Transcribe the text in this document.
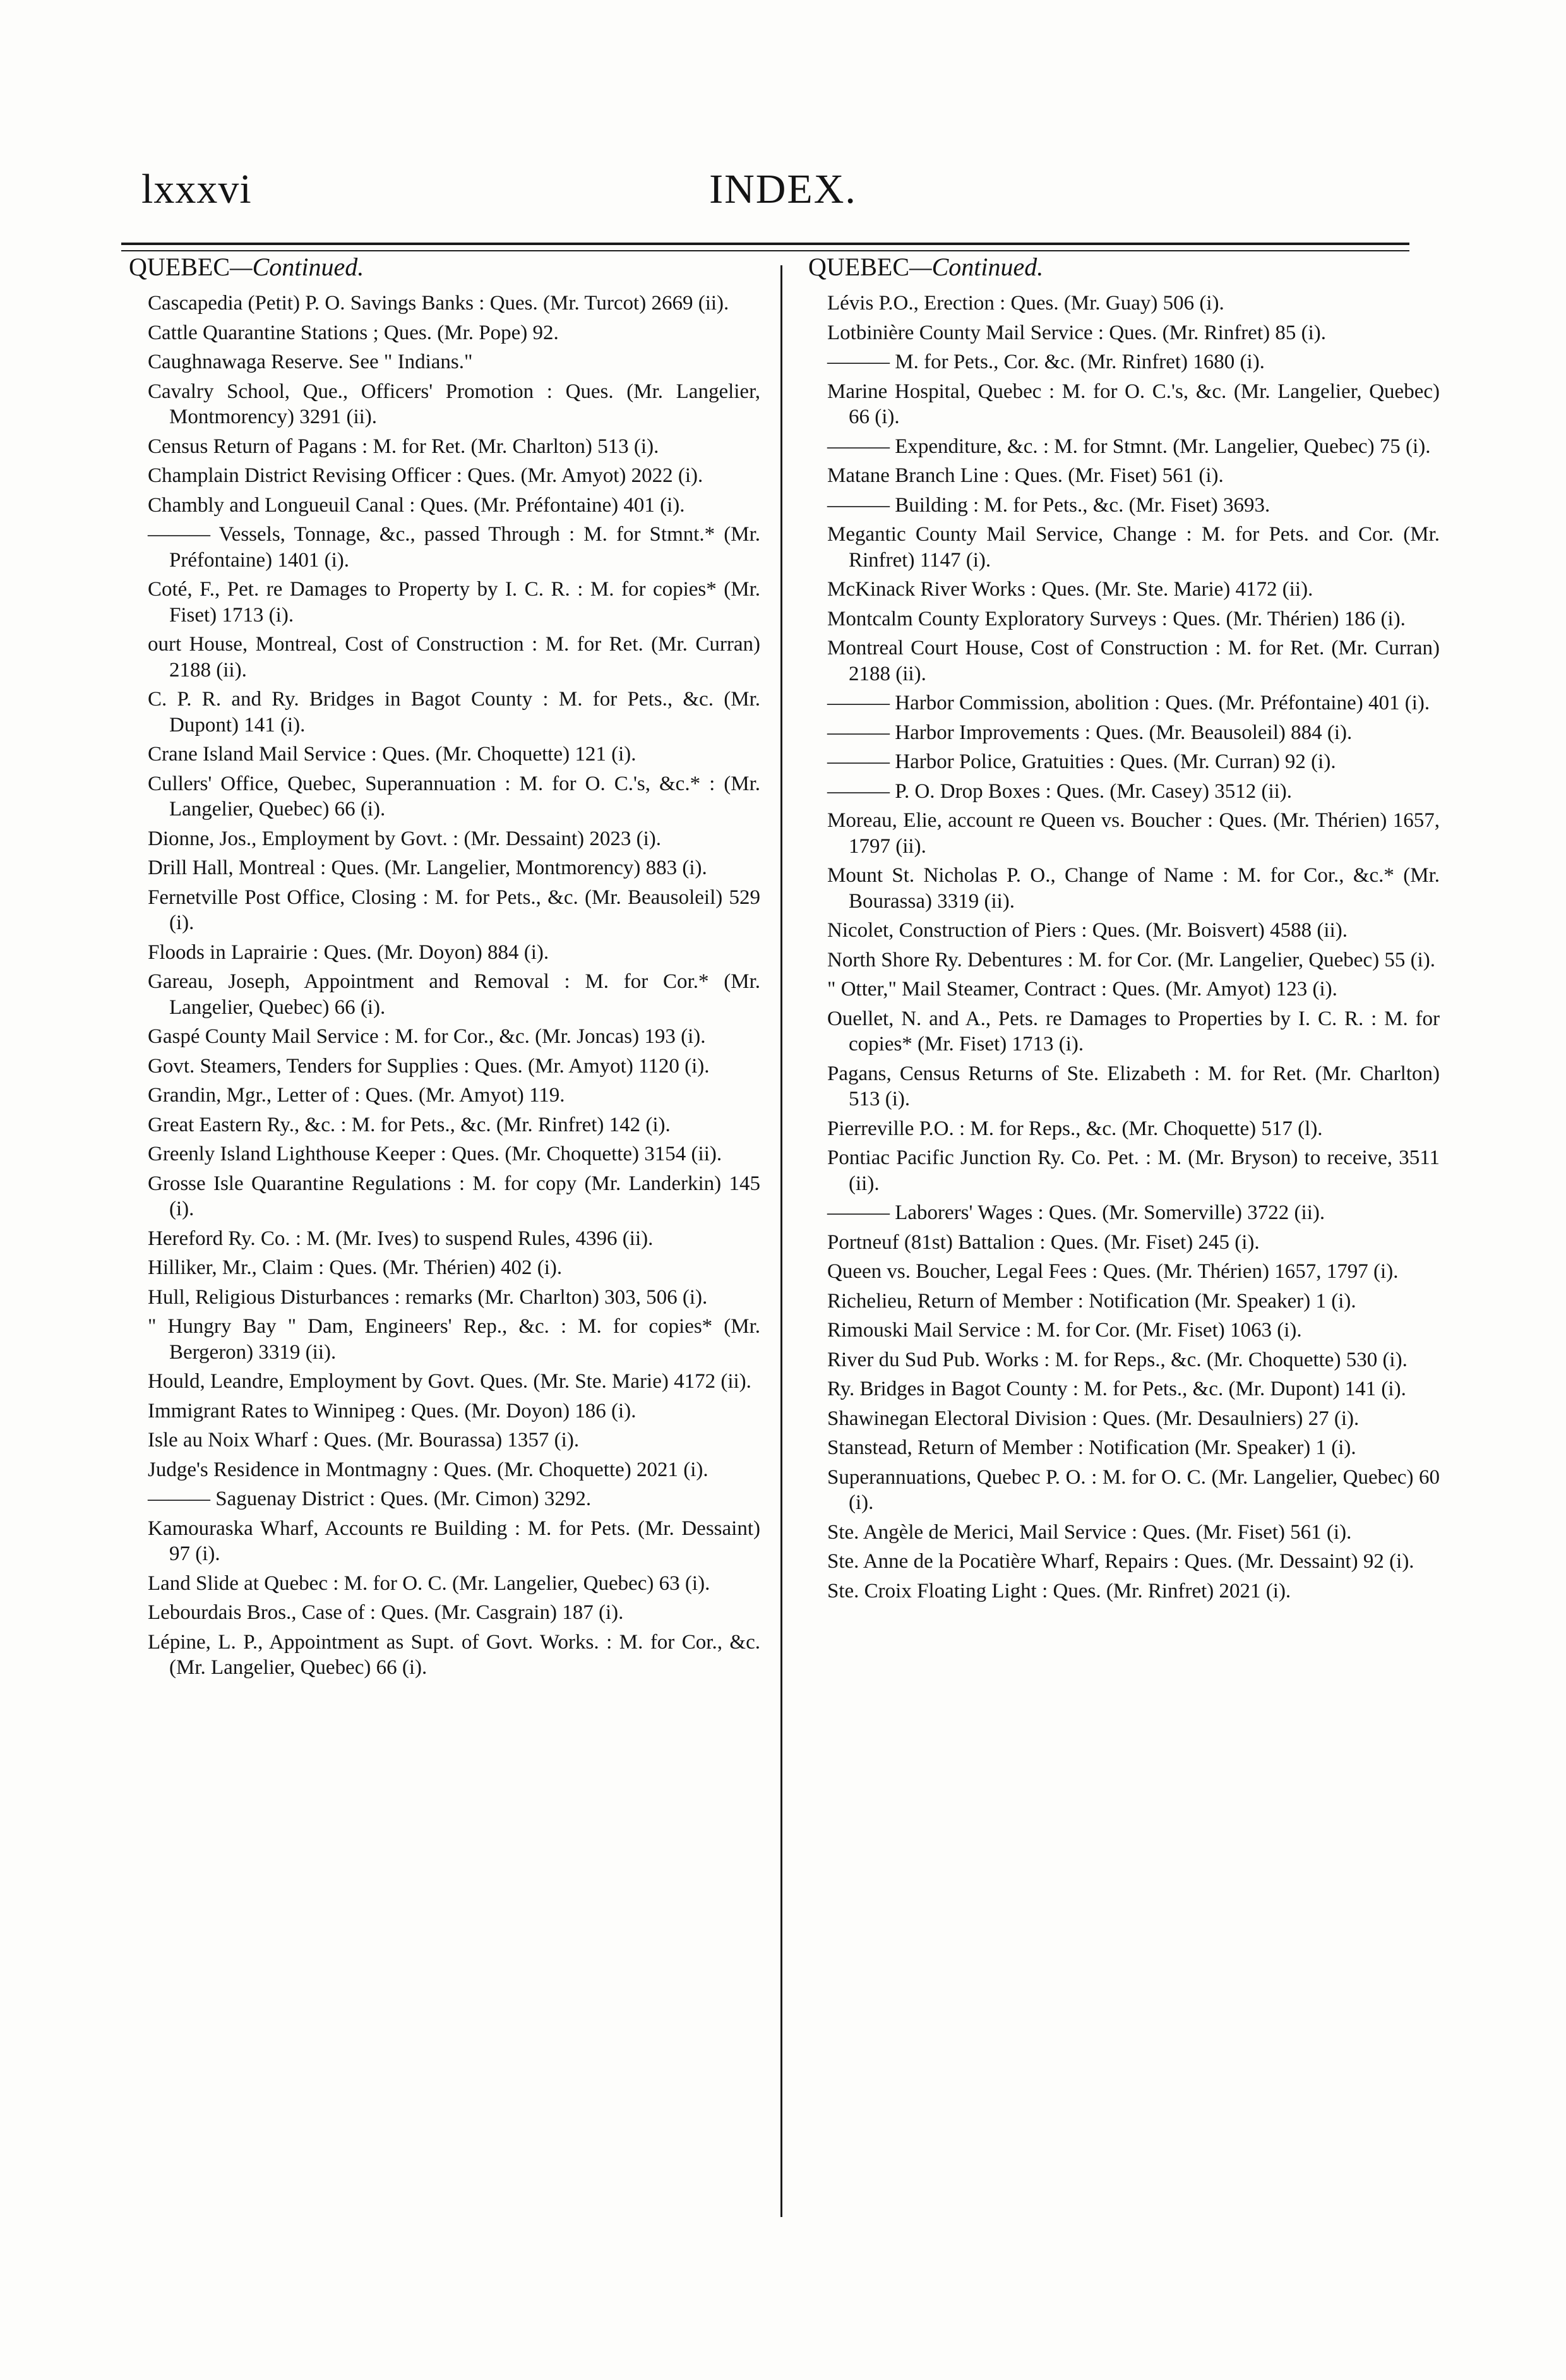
lxxxvi	INDEX.

QUEBEC—Continued.

Cascapedia (Petit) P. O. Savings Banks : Ques. (Mr. Turcot) 2669 (ii).

Cattle Quarantine Stations ; Ques. (Mr. Pope) 92.

Caughnawaga Reserve. See " Indians."

Cavalry School, Que., Officers' Promotion : Ques. (Mr. Langelier, Montmorency) 3291 (ii).

Census Return of Pagans : M. for Ret. (Mr. Charlton) 513 (i).

Champlain District Revising Officer : Ques. (Mr. Amyot) 2022 (i).

Chambly and Longueuil Canal : Ques. (Mr. Préfontaine) 401 (i).

——— Vessels, Tonnage, &c., passed Through : M. for Stmnt.* (Mr. Préfontaine) 1401 (i).

Coté, F., Pet. re Damages to Property by I. C. R. : M. for copies* (Mr. Fiset) 1713 (i).

ourt House, Montreal, Cost of Construction : M. for Ret. (Mr. Curran) 2188 (ii).

C. P. R. and Ry. Bridges in Bagot County : M. for Pets., &c. (Mr. Dupont) 141 (i).

Crane Island Mail Service : Ques. (Mr. Choquette) 121 (i).

Cullers' Office, Quebec, Superannuation : M. for O. C.'s, &c.* : (Mr. Langelier, Quebec) 66 (i).

Dionne, Jos., Employment by Govt. : (Mr. Dessaint) 2023 (i).

Drill Hall, Montreal : Ques. (Mr. Langelier, Montmorency) 883 (i).

Fernetville Post Office, Closing : M. for Pets., &c. (Mr. Beausoleil) 529 (i).

Floods in Laprairie : Ques. (Mr. Doyon) 884 (i).

Gareau, Joseph, Appointment and Removal : M. for Cor.* (Mr. Langelier, Quebec) 66 (i).

Gaspé County Mail Service : M. for Cor., &c. (Mr. Joncas) 193 (i).

Govt. Steamers, Tenders for Supplies : Ques. (Mr. Amyot) 1120 (i).

Grandin, Mgr., Letter of : Ques. (Mr. Amyot) 119.

Great Eastern Ry., &c. : M. for Pets., &c. (Mr. Rinfret) 142 (i).

Greenly Island Lighthouse Keeper : Ques. (Mr. Choquette) 3154 (ii).

Grosse Isle Quarantine Regulations : M. for copy (Mr. Landerkin) 145 (i).

Hereford Ry. Co. : M. (Mr. Ives) to suspend Rules, 4396 (ii).

Hilliker, Mr., Claim : Ques. (Mr. Thérien) 402 (i).

Hull, Religious Disturbances : remarks (Mr. Charlton) 303, 506 (i).

" Hungry Bay " Dam, Engineers' Rep., &c. : M. for copies* (Mr. Bergeron) 3319 (ii).

Hould, Leandre, Employment by Govt. Ques. (Mr. Ste. Marie) 4172 (ii).

Immigrant Rates to Winnipeg : Ques. (Mr. Doyon) 186 (i).

Isle au Noix Wharf : Ques. (Mr. Bourassa) 1357 (i).

Judge's Residence in Montmagny : Ques. (Mr. Choquette) 2021 (i).

——— Saguenay District : Ques. (Mr. Cimon) 3292.

Kamouraska Wharf, Accounts re Building : M. for Pets. (Mr. Dessaint) 97 (i).

Land Slide at Quebec : M. for O. C. (Mr. Langelier, Quebec) 63 (i).

Lebourdais Bros., Case of : Ques. (Mr. Casgrain) 187 (i).

Lépine, L. P., Appointment as Supt. of Govt. Works. : M. for Cor., &c. (Mr. Langelier, Quebec) 66 (i).

QUEBEC—Continued.

Lévis P.O., Erection : Ques. (Mr. Guay) 506 (i).

Lotbinière County Mail Service : Ques. (Mr. Rinfret) 85 (i).

——— M. for Pets., Cor. &c. (Mr. Rinfret) 1680 (i).

Marine Hospital, Quebec : M. for O. C.'s, &c. (Mr. Langelier, Quebec) 66 (i).

——— Expenditure, &c. : M. for Stmnt. (Mr. Langelier, Quebec) 75 (i).

Matane Branch Line : Ques. (Mr. Fiset) 561 (i).

——— Building : M. for Pets., &c. (Mr. Fiset) 3693.

Megantic County Mail Service, Change : M. for Pets. and Cor. (Mr. Rinfret) 1147 (i).

McKinack River Works : Ques. (Mr. Ste. Marie) 4172 (ii).

Montcalm County Exploratory Surveys : Ques. (Mr. Thérien) 186 (i).

Montreal Court House, Cost of Construction : M. for Ret. (Mr. Curran) 2188 (ii).

——— Harbor Commission, abolition : Ques. (Mr. Préfontaine) 401 (i).

——— Harbor Improvements : Ques. (Mr. Beausoleil) 884 (i).

——— Harbor Police, Gratuities : Ques. (Mr. Curran) 92 (i).

——— P. O. Drop Boxes : Ques. (Mr. Casey) 3512 (ii).

Moreau, Elie, account re Queen vs. Boucher : Ques. (Mr. Thérien) 1657, 1797 (ii).

Mount St. Nicholas P. O., Change of Name : M. for Cor., &c.* (Mr. Bourassa) 3319 (ii).

Nicolet, Construction of Piers : Ques. (Mr. Boisvert) 4588 (ii).

North Shore Ry. Debentures : M. for Cor. (Mr. Langelier, Quebec) 55 (i).

" Otter," Mail Steamer, Contract : Ques. (Mr. Amyot) 123 (i).

Ouellet, N. and A., Pets. re Damages to Properties by I. C. R. : M. for copies* (Mr. Fiset) 1713 (i).

Pagans, Census Returns of Ste. Elizabeth : M. for Ret. (Mr. Charlton) 513 (i).

Pierreville P.O. : M. for Reps., &c. (Mr. Choquette) 517 (l).

Pontiac Pacific Junction Ry. Co. Pet. : M. (Mr. Bryson) to receive, 3511 (ii).

——— Laborers' Wages : Ques. (Mr. Somerville) 3722 (ii).

Portneuf (81st) Battalion : Ques. (Mr. Fiset) 245 (i).

Queen vs. Boucher, Legal Fees : Ques. (Mr. Thérien) 1657, 1797 (i).

Richelieu, Return of Member : Notification (Mr. Speaker) 1 (i).

Rimouski Mail Service : M. for Cor. (Mr. Fiset) 1063 (i).

River du Sud Pub. Works : M. for Reps., &c. (Mr. Choquette) 530 (i).

Ry. Bridges in Bagot County : M. for Pets., &c. (Mr. Dupont) 141 (i).

Shawinegan Electoral Division : Ques. (Mr. Desaulniers) 27 (i).

Stanstead, Return of Member : Notification (Mr. Speaker) 1 (i).

Superannuations, Quebec P. O. : M. for O. C. (Mr. Langelier, Quebec) 60 (i).

Ste. Angèle de Merici, Mail Service : Ques. (Mr. Fiset) 561 (i).

Ste. Anne de la Pocatière Wharf, Repairs : Ques. (Mr. Dessaint) 92 (i).

Ste. Croix Floating Light : Ques. (Mr. Rinfret) 2021 (i).
